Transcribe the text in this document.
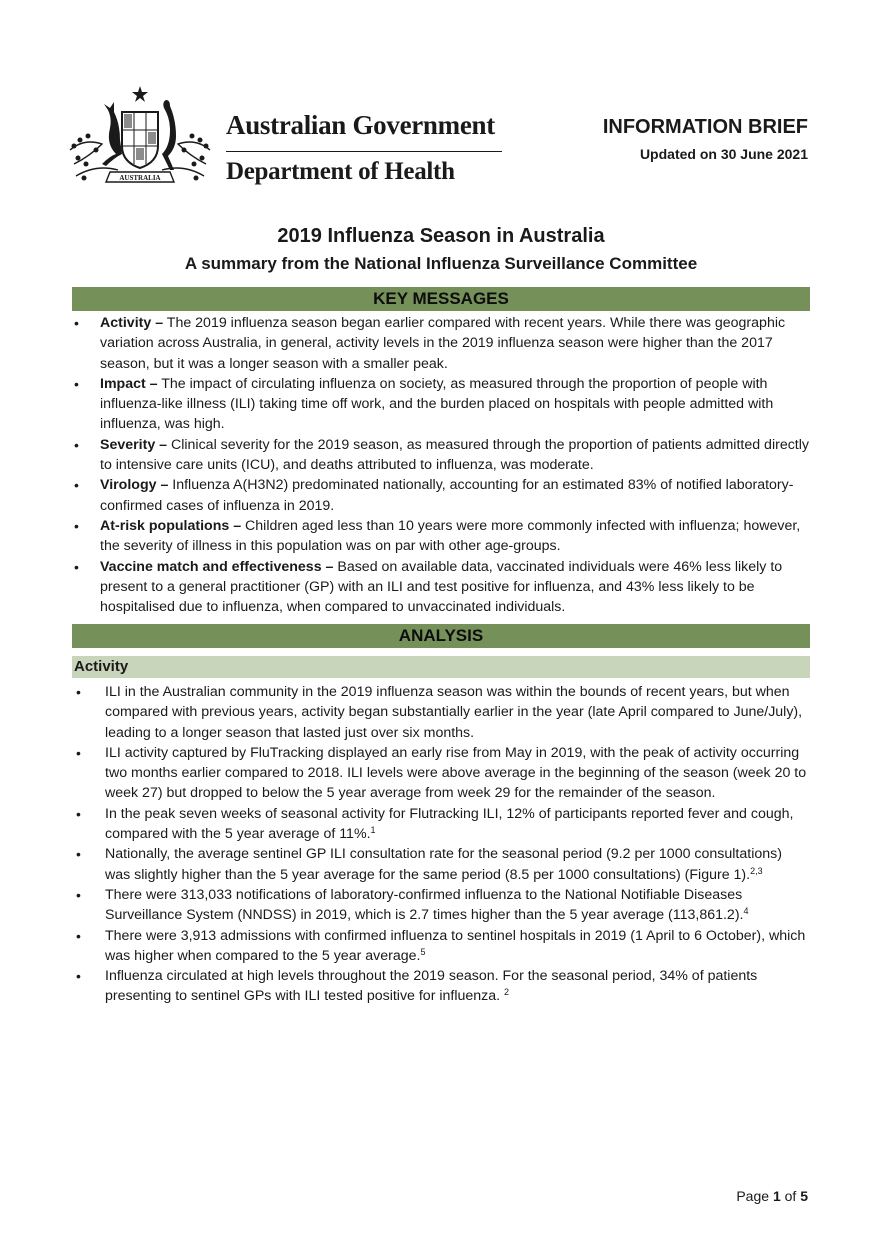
AUSTRALIA
Australian Government
Department of Health
INFORMATION BRIEF
Updated on 30 June 2021
2019 Influenza Season in Australia
A summary from the National Influenza Surveillance Committee
KEY MESSAGES
• Activity – The 2019 influenza season began earlier compared with recent years. While there was geographic variation across Australia, in general, activity levels in the 2019 influenza season were higher than the 2017 season, but it was a longer season with a smaller peak.
• Impact – The impact of circulating influenza on society, as measured through the proportion of people with influenza-like illness (ILI) taking time off work, and the burden placed on hospitals with people admitted with influenza, was high.
• Severity – Clinical severity for the 2019 season, as measured through the proportion of patients admitted directly to intensive care units (ICU), and deaths attributed to influenza, was moderate.
• Virology – Influenza A(H3N2) predominated nationally, accounting for an estimated 83% of notified laboratory-confirmed cases of influenza in 2019.
• At-risk populations – Children aged less than 10 years were more commonly infected with influenza; however, the severity of illness in this population was on par with other age-groups.
• Vaccine match and effectiveness – Based on available data, vaccinated individuals were 46% less likely to present to a general practitioner (GP) with an ILI and test positive for influenza, and 43% less likely to be hospitalised due to influenza, when compared to unvaccinated individuals.
ANALYSIS
Activity
• ILI in the Australian community in the 2019 influenza season was within the bounds of recent years, but when compared with previous years, activity began substantially earlier in the year (late April compared to June/July), leading to a longer season that lasted just over six months.
• ILI activity captured by FluTracking displayed an early rise from May in 2019, with the peak of activity occurring two months earlier compared to 2018. ILI levels were above average in the beginning of the season (week 20 to week 27) but dropped to below the 5 year average from week 29 for the remainder of the season.
• In the peak seven weeks of seasonal activity for Flutracking ILI, 12% of participants reported fever and cough, compared with the 5 year average of 11%.$^1$
• Nationally, the average sentinel GP ILI consultation rate for the seasonal period (9.2 per 1000 consultations) was slightly higher than the 5 year average for the same period (8.5 per 1000 consultations) (Figure 1).$^{2,3}$
• There were 313,033 notifications of laboratory-confirmed influenza to the National Notifiable Diseases Surveillance System (NNDSS) in 2019, which is 2.7 times higher than the 5 year average (113,861.2).$^4$
• There were 3,913 admissions with confirmed influenza to sentinel hospitals in 2019 (1 April to 6 October), which was higher when compared to the 5 year average.$^5$
• Influenza circulated at high levels throughout the 2019 season. For the seasonal period, 34% of patients presenting to sentinel GPs with ILI tested positive for influenza. $^2$
Page 1 of 5
